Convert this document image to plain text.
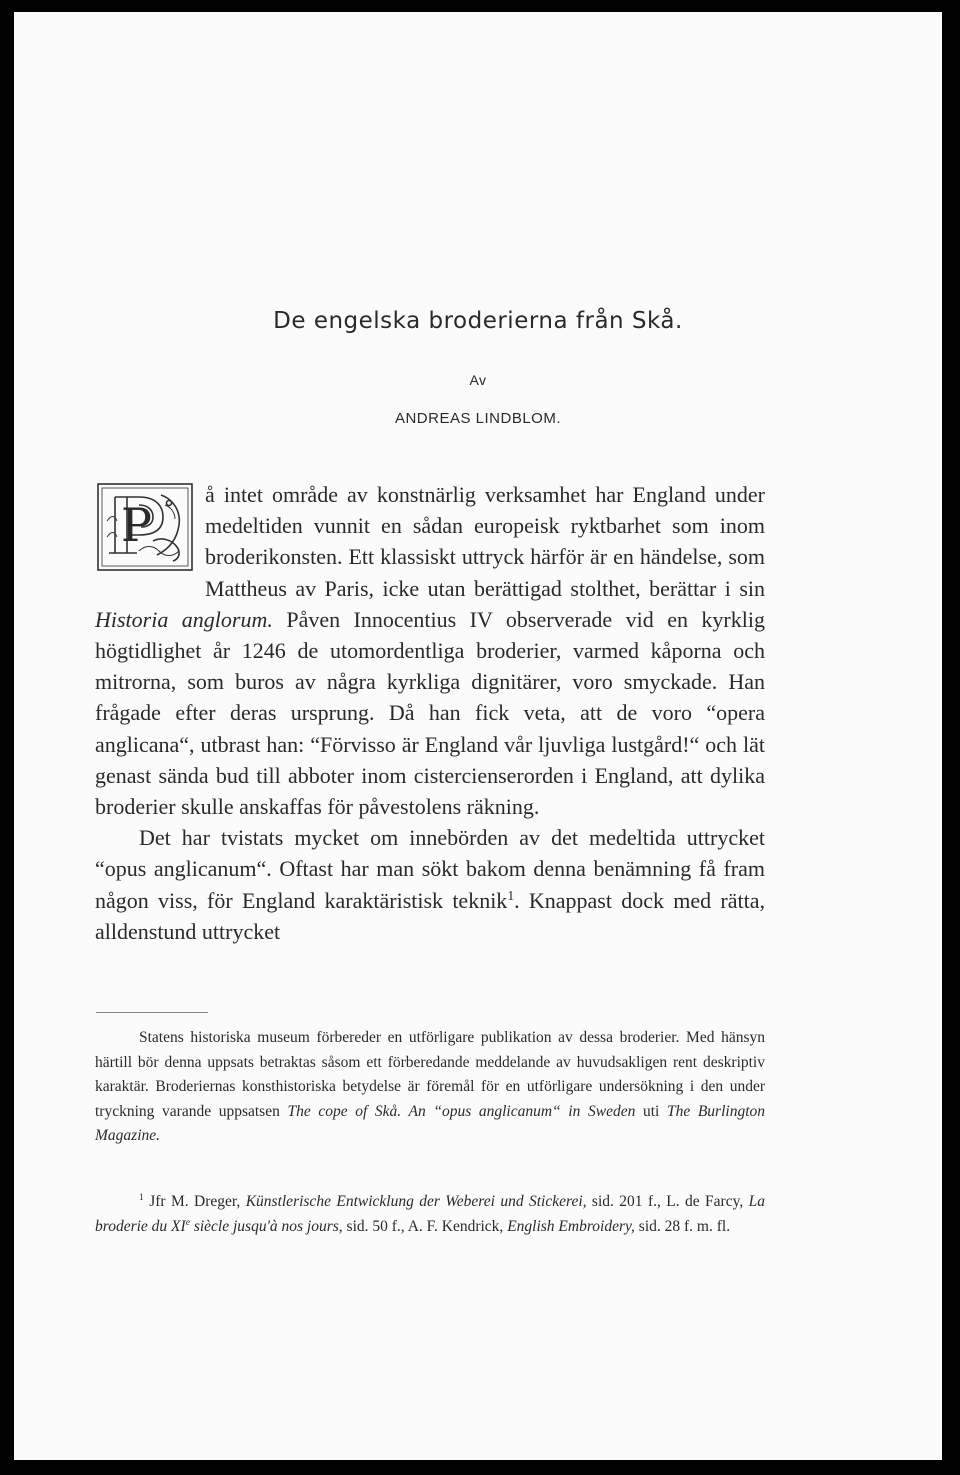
De engelska broderierna från Skå.
Av
ANDREAS LINDBLOM.

P
å intet område av konstnärlig verksamhet har England under medeltiden vunnit en sådan europeisk ryktbarhet som inom broderikonsten. Ett klassiskt uttryck härför är en händelse, som Mattheus av Paris, icke utan berättigad stolthet, berättar i sin Historia anglorum. Påven Innocentius IV observerade vid en kyrklig högtidlighet år 1246 de utomordentliga broderier, varmed kåporna och mitrorna, som buros av några kyrkliga dignitärer, voro smyckade. Han frågade efter deras ursprung. Då han fick veta, att de voro “opera anglicana“, utbrast han: “Förvisso är England vår ljuvliga lustgård!“ och lät genast sända bud till abboter inom cistercienserorden i England, att dylika broderier skulle anskaffas för påvestolens räkning.

Det har tvistats mycket om innebörden av det medeltida uttrycket “opus anglicanum“. Oftast har man sökt bakom denna benämning få fram någon viss, för England karaktäristisk teknik$^1$. Knappast dock med rätta, alldenstund uttrycket

Statens historiska museum förbereder en utförligare publikation av dessa broderier. Med hänsyn härtill bör denna uppsats betraktas såsom ett förberedande meddelande av huvudsakligen rent deskriptiv karaktär. Broderiernas konsthistoriska betydelse är föremål för en utförligare undersökning i den under tryckning varande uppsatsen The cope of Skå. An “opus anglicanum“ in Sweden uti The Burlington Magazine.

$^1$ Jfr M. Dreger, Künstlerische Entwicklung der Weberei und Stickerei, sid. 201 f., L. de Farcy, La broderie du XIe siècle jusqu'à nos jours, sid. 50 f., A. F. Kendrick, English Embroidery, sid. 28 f. m. fl.
